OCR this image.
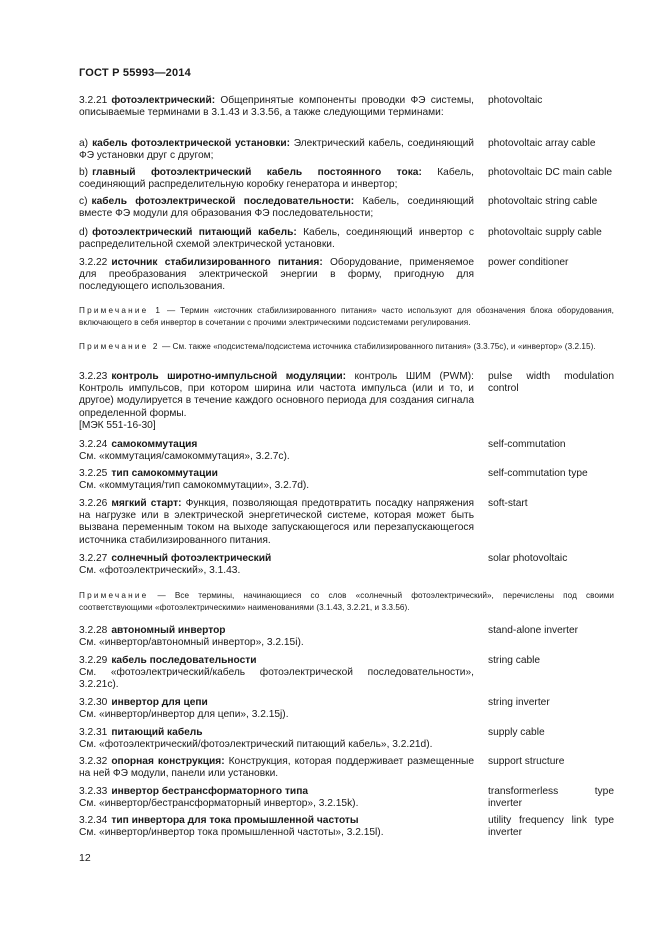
ГОСТ Р 55993—2014
3.2.21 фотоэлектрический: Общепринятые компоненты проводки ФЭ системы, описываемые терминами в 3.1.43 и 3.3.56, а также следующими терминами:
photovoltaic
a) кабель фотоэлектрической установки: Электрический кабель, соединяющий ФЭ установки друг с другом;
photovoltaic array cable
b) главный фотоэлектрический кабель постоянного тока: Кабель, соединяющий распределительную коробку генератора и инвертор;
photovoltaic DC main cable
c) кабель фотоэлектрической последовательности: Кабель, соединяющий вместе ФЭ модули для образования ФЭ последовательности;
photovoltaic string cable
d) фотоэлектрический питающий кабель: Кабель, соединяющий инвертор с распределительной схемой электрической установки.
photovoltaic supply cable
3.2.22 источник стабилизированного питания: Оборудование, применяемое для преобразования электрической энергии в форму, пригодную для последующего использования.
power conditioner
Примечание 1 — Термин «источник стабилизированного питания» часто используют для обозначения блока оборудования, включающего в себя инвертор в сочетании с прочими электрическими подсистемами регулирования.
Примечание 2 — См. также «подсистема/подсистема источника стабилизированного питания» (3.3.75с), и «инвертор» (3.2.15).
3.2.23 контроль широтно-импульсной модуляции: контроль ШИМ (PWM): Контроль импульсов, при котором ширина или частота импульса (или и то, и другое) модулируется в течение каждого основного периода для создания сигнала определенной формы.
[МЭК 551-16-30]
pulse width modulation control
3.2.24 самокоммутация
См. «коммутация/самокоммутация», 3.2.7с).
self-commutation
3.2.25 тип самокоммутации
См. «коммутация/тип самокоммутации», 3.2.7d).
self-commutation type
3.2.26 мягкий старт: Функция, позволяющая предотвратить посадку напряжения на нагрузке или в электрической энергетической системе, которая может быть вызвана переменным током на выходе запускающегося или перезапускающегося источника стабилизированного питания.
soft-start
3.2.27 солнечный фотоэлектрический
См. «фотоэлектрический», 3.1.43.
solar photovoltaic
Примечание — Все термины, начинающиеся со слов «солнечный фотоэлектрический», перечислены под своими соответствующими «фотоэлектрическими» наименованиями (3.1.43, 3.2.21, и 3.3.56).
3.2.28 автономный инвертор
См. «инвертор/автономный инвертор», 3.2.15i).
stand-alone inverter
3.2.29 кабель последовательности
См. «фотоэлектрический/кабель фотоэлектрической последовательности», 3.2.21с).
string cable
3.2.30 инвертор для цепи
См. «инвертор/инвертор для цепи», 3.2.15j).
string inverter
3.2.31 питающий кабель
См. «фотоэлектрический/фотоэлектрический питающий кабель», 3.2.21d).
supply cable
3.2.32 опорная конструкция: Конструкция, которая поддерживает размещенные на ней ФЭ модули, панели или установки.
support structure
3.2.33 инвертор бестрансформаторного типа
См. «инвертор/бестрансформаторный инвертор», 3.2.15k).
transformerless type inverter
3.2.34 тип инвертора для тока промышленной частоты
См. «инвертор/инвертор тока промышленной частоты», 3.2.15l).
utility frequency link type inverter
12
